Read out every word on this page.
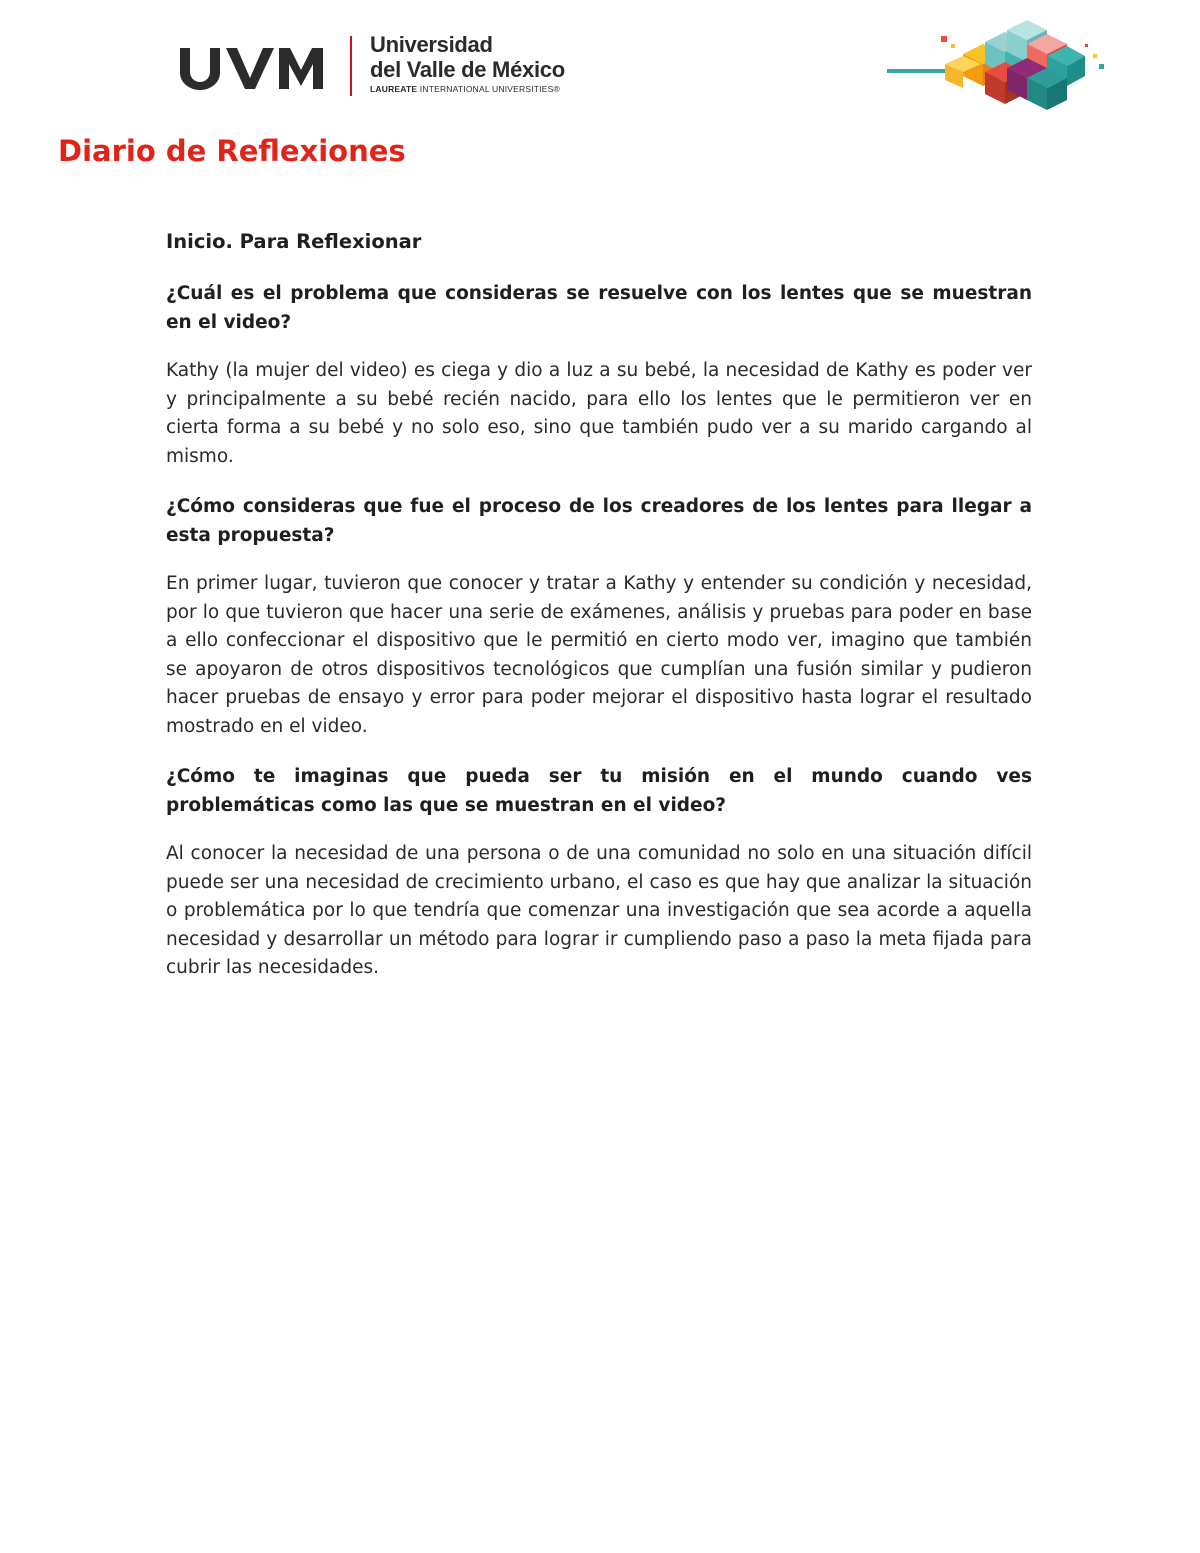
Universidad
del Valle de México
LAUREATE INTERNATIONAL UNIVERSITIES®
Diario de Reflexiones

Inicio. Para Reflexionar

¿Cuál es el problema que consideras se resuelve con los lentes que se muestran en el video?

Kathy (la mujer del video) es ciega y dio a luz a su bebé, la necesidad de Kathy es poder ver y principalmente a su bebé recién nacido, para ello los lentes que le permitieron ver en cierta forma a su bebé y no solo eso, sino que también pudo ver a su marido cargando al mismo.

¿Cómo consideras que fue el proceso de los creadores de los lentes para llegar a esta propuesta?

En primer lugar, tuvieron que conocer y tratar a Kathy y entender su condición y necesidad, por lo que tuvieron que hacer una serie de exámenes, análisis y pruebas para poder en base a ello confeccionar el dispositivo que le permitió en cierto modo ver, imagino que también se apoyaron de otros dispositivos tecnológicos que cumplían una fusión similar y pudieron hacer pruebas de ensayo y error para poder mejorar el dispositivo hasta lograr el resultado mostrado en el video.

¿Cómo te imaginas que pueda ser tu misión en el mundo cuando ves problemáticas como las que se muestran en el video?

Al conocer la necesidad de una persona o de una comunidad no solo en una situación difícil puede ser una necesidad de crecimiento urbano, el caso es que hay que analizar la situación o problemática por lo que tendría que comenzar una investigación que sea acorde a aquella necesidad y desarrollar un método para lograr ir cumpliendo paso a paso la meta fijada para cubrir las necesidades.
